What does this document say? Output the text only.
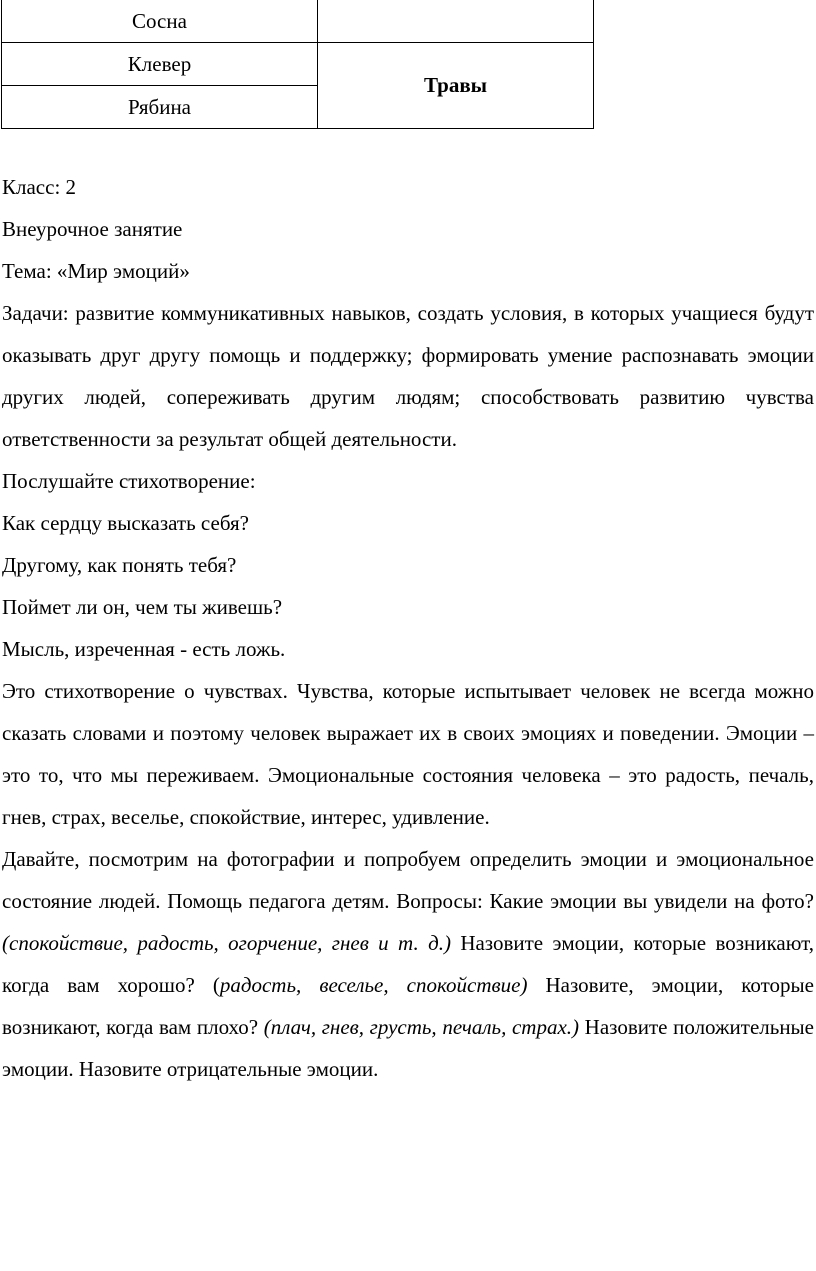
Сосна	
Клевер	Травы
Рябина	

Класс: 2

Внеурочное занятие

Тема: «Мир эмоций»

Задачи: развитие коммуникативных навыков, создать условия, в которых учащиеся будут оказывать друг другу помощь и поддержку; формировать умение распознавать эмоции других людей, сопереживать другим людям; способствовать развитию чувства ответственности за результат общей деятельности.

Послушайте стихотворение:

Как сердцу высказать себя?

Другому, как понять тебя?

Поймет ли он, чем ты живешь?

Мысль, изреченная - есть ложь.

Это стихотворение о чувствах. Чувства, которые испытывает человек не всегда можно сказать словами и поэтому человек выражает их в своих эмоциях и поведении. Эмоции – это то, что мы переживаем. Эмоциональные состояния человека – это радость, печаль, гнев, страх, веселье, спокойствие, интерес, удивление.

Давайте, посмотрим на фотографии и попробуем определить эмоции и эмоциональное состояние людей. Помощь педагога детям. Вопросы: Какие эмоции вы увидели на фото? (спокойствие, радость, огорчение, гнев и т. д.) Назовите эмоции, которые возникают, когда вам хорошо? (радость, веселье, спокойствие) Назовите, эмоции, которые возникают, когда вам плохо? (плач, гнев, грусть, печаль, страх.) Назовите положительные эмоции. Назовите отрицательные эмоции.
